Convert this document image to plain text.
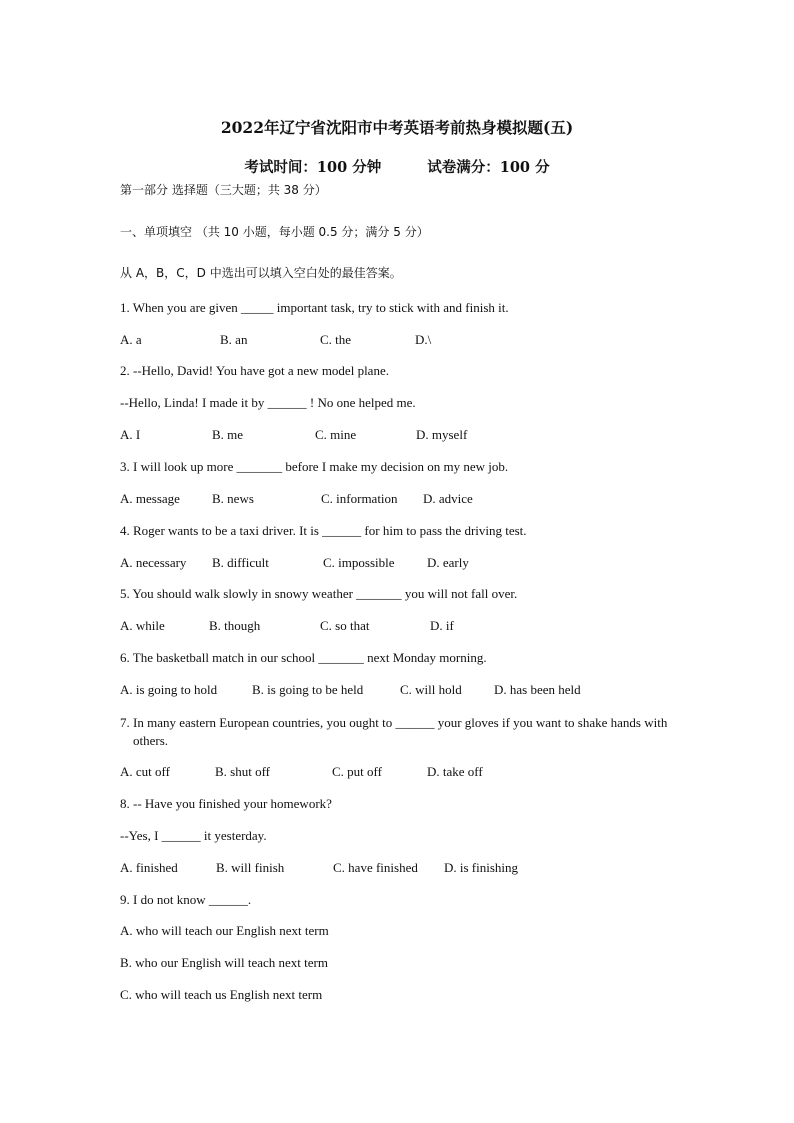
2022年辽宁省沈阳市中考英语考前热身模拟题(五)
考试时间：100 分钟	试卷满分：100 分
第一部分 选择题（三大题；共 38 分）
一、单项填空 （共 10 小题，每小题 0.5 分；满分 5 分）
从 A，B，C，D 中选出可以填入空白处的最佳答案。
1. When you are given _____ important task, try to stick with and finish it.
A. a	B. an	C. the	D.\
2. --Hello, David! You have got a new model plane.
--Hello, Linda! I made it by ______ ! No one helped me.
A. I	B. me	C. mine	D. myself
3. I will look up more _______ before I make my decision on my new job.
A. message B. news	C. information D. advice
4. Roger wants to be a taxi driver. It is ______ for him to pass the driving test.
A. necessary B. difficult	C. impossible D. early
5. You should walk slowly in snowy weather _______ you will not fall over.
A. while	B. though	C. so that	D. if
6. The basketball match in our school _______ next Monday morning.
A. is going to hold	B. is going to be held	C. will hold D. has been held
7. In many eastern European countries, you ought to ______ your gloves if you want to shake hands with others.
A. cut off	B. shut off	C. put off	D. take off
8. -- Have you finished your homework?
--Yes, I ______ it yesterday.
A. finished	B. will finish	C. have finished D. is finishing
9. I do not know ______.
A. who will teach our English next term
B. who our English will teach next term
C. who will teach us English next term
